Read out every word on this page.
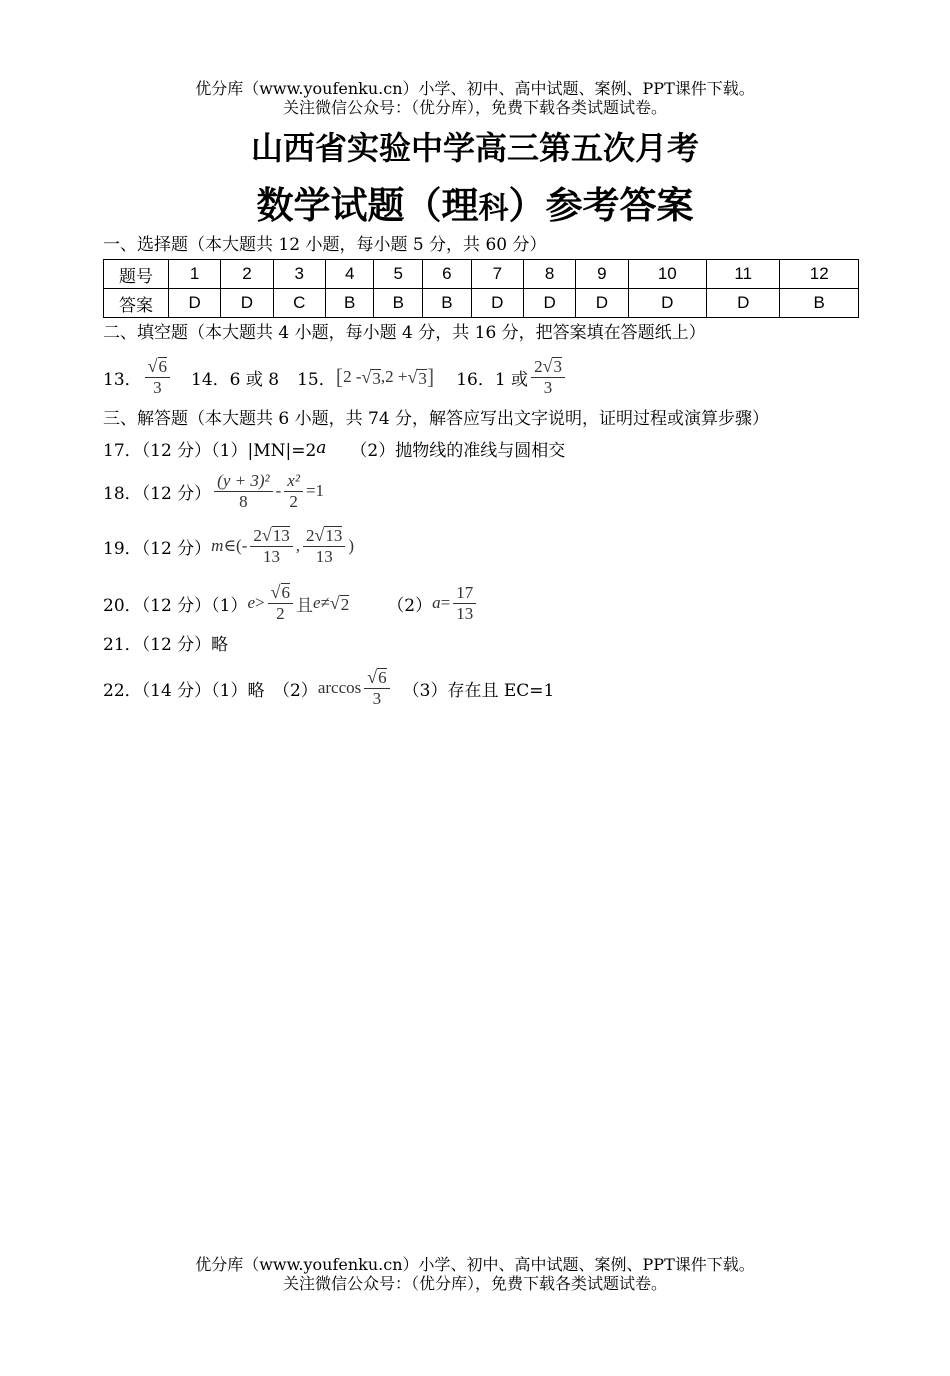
优分库（www.youfenku.cn）小学、初中、高中试题、案例、PPT课件下载。
关注微信公众号：（优分库），免费下载各类试题试卷。
山西省实验中学高三第五次月考
数学试题（理科）参考答案
一、选择题（本大题共 12 小题，每小题 5 分，共 60 分）
题号	1	2	3	4	5	6	7	8	9	10	11	12
答案	D	D	C	B	B	B	D	D	D	D	D	B
二、填空题（本大题共 4 小题，每小题 4 分，共 16 分，把答案填在答题纸上）
13． $\frac{√ 6}{3} 14$．6 或 8 15． [ 2 - √ 3 ,2 + √ 3 ] 16．1 或 $\frac{2 √ 3}{3}$
三、解答题（本大题共 6 小题，共 74 分，解答应写出文字说明，证明过程或演算步骤）
17．（12 分）（1）|MN|=2 a （2）抛物线的准线与圆相交
18．（12 分） $\frac{\text{(y + 3)²}}{8} - \frac{\text{x²}}{2} =1$
19．（12 分） m ∈(- $\frac{2 √ 13}{13}$ , $\frac{2 √ 13}{13}$ )
20．（12 分）（1） $e > \frac{√ 6}{2}$ 且 e ≠ √ 2 （2） $a = \frac{17}{13}$
21．（12 分）略
22．（14 分）（1）略　（2） $\arccos \frac{√ 6}{3} (3)$存在且 EC=1
优分库（www.youfenku.cn）小学、初中、高中试题、案例、PPT课件下载。
关注微信公众号：（优分库），免费下载各类试题试卷。
